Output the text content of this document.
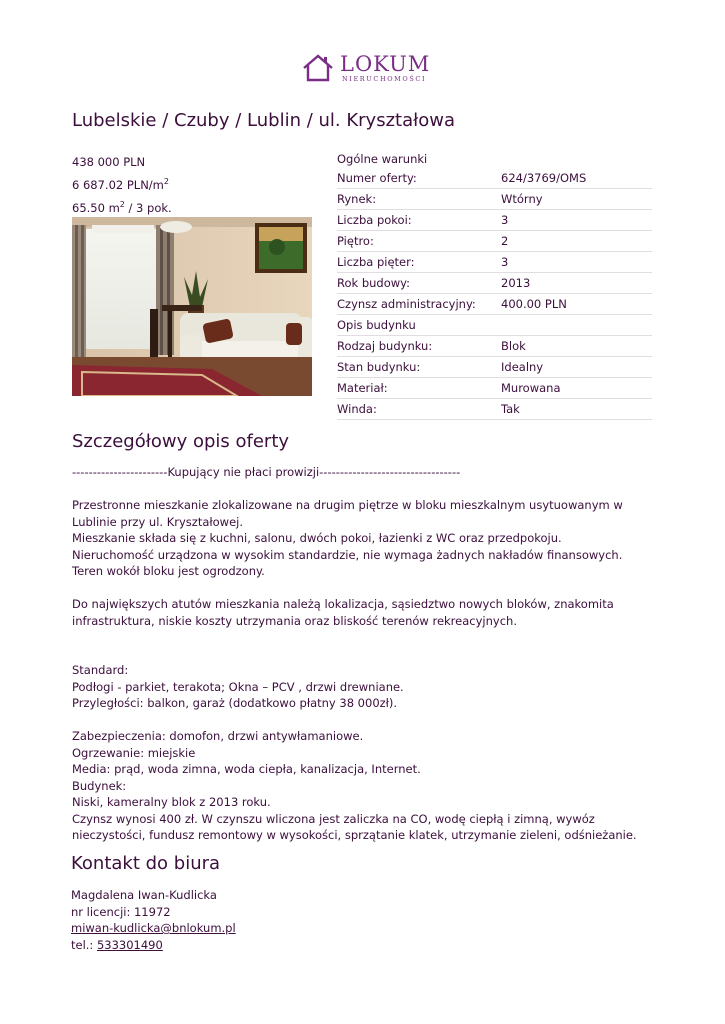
LOKUM
NIERUCHOMOŚCI
Lubelskie / Czuby / Lublin / ul. Kryształowa
438 000 PLN
6 687.02 PLN/$m^2$
65.50 $m^2 / 3$ pok.
Ogólne warunki
Numer oferty:	624/3769/OMS
Rynek:	Wtórny
Liczba pokoi:	3
Piętro:	2
Liczba pięter:	3
Rok budowy:	2013
Czynsz administracyjny: 400.00 PLN
Opis budynku
Rodzaj budynku:	Blok
Stan budynku:	Idealny
Materiał:	Murowana
Winda:	Tak
Szczegółowy opis oferty

-----------------------Kupujący nie płaci prowizji----------------------------------

Przestronne mieszkanie zlokalizowane na drugim piętrze w bloku mieszkalnym usytuowanym w Lublinie przy ul. Kryształowej.

Mieszkanie składa się z kuchni, salonu, dwóch pokoi, łazienki z WC oraz przedpokoju.

Nieruchomość urządzona w wysokim standardzie, nie wymaga żadnych nakładów finansowych.

Teren wokół bloku jest ogrodzony.

Do największych atutów mieszkania należą lokalizacja, sąsiedztwo nowych bloków, znakomita infrastruktura, niskie koszty utrzymania oraz bliskość terenów rekreacyjnych.

Standard:

Podłogi - parkiet, terakota; Okna – PCV , drzwi drewniane.

Przyległości: balkon, garaż (dodatkowo płatny 38 000zł).

Zabezpieczenia: domofon, drzwi antywłamaniowe.

Ogrzewanie: miejskie

Media: prąd, woda zimna, woda ciepła, kanalizacja, Internet.

Budynek:

Niski, kameralny blok z 2013 roku.

Czynsz wynosi 400 zł. W czynszu wliczona jest zaliczka na CO, wodę ciepłą i zimną, wywóz nieczystości, fundusz remontowy w wysokości, sprzątanie klatek, utrzymanie zieleni, odśnieżanie.

Kontakt do biura
Magdalena Iwan-Kudlicka
nr licencji: 11972
miwan-kudlicka@bnlokum.pl
tel.: 533301490
